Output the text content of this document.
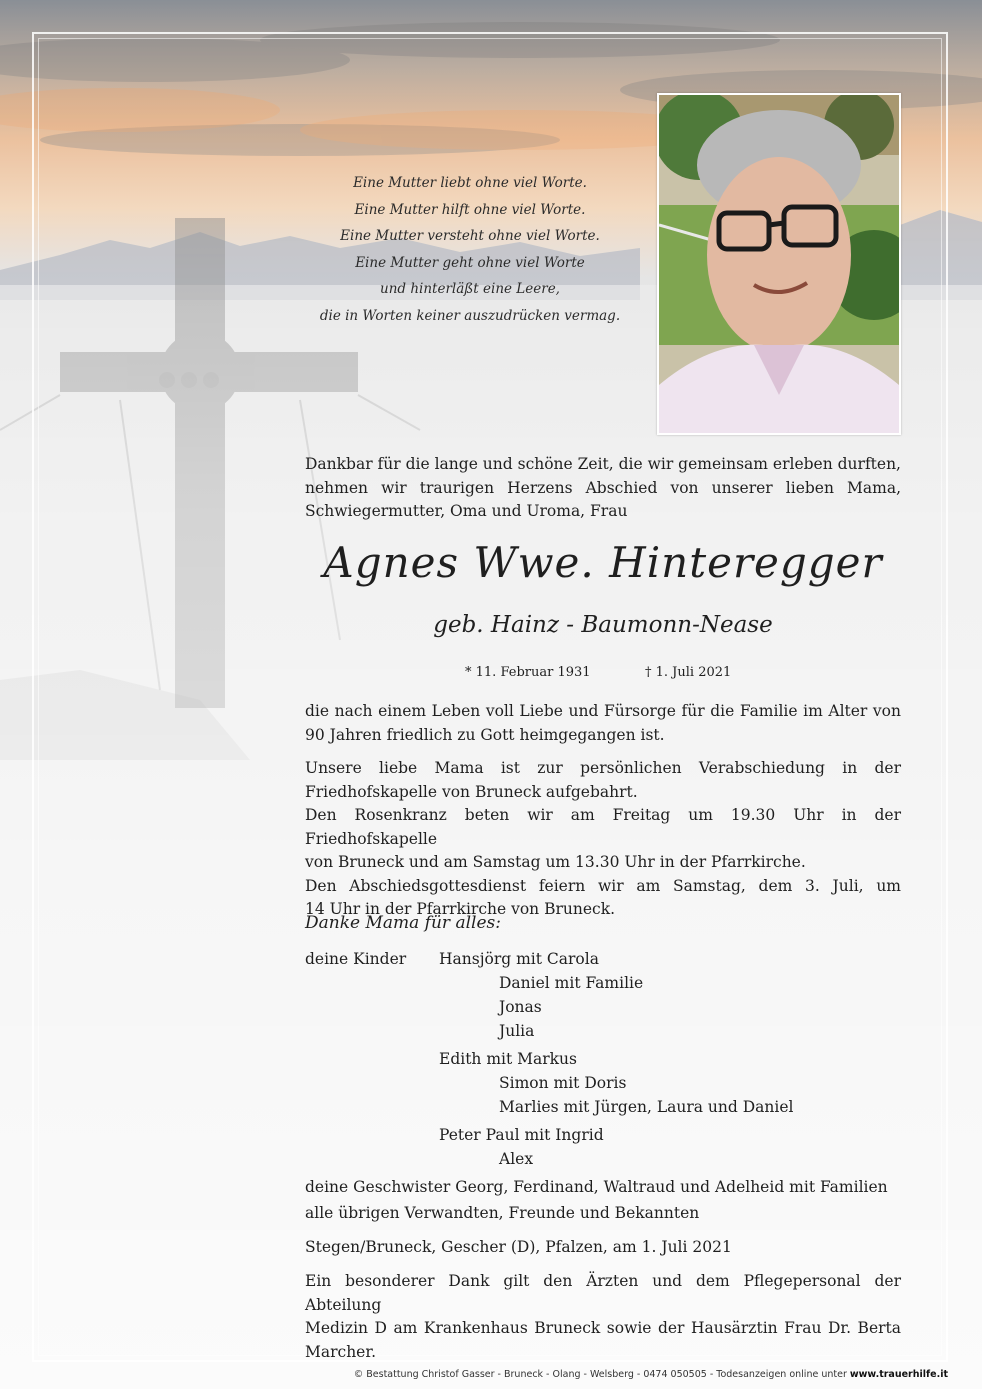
Eine Mutter liebt ohne viel Worte.
Eine Mutter hilft ohne viel Worte.
Eine Mutter versteht ohne viel Worte.
Eine Mutter geht ohne viel Worte
und hinterläßt eine Leere,
die in Worten keiner auszudrücken vermag.
Dankbar für die lange und schöne Zeit, die wir gemeinsam erleben durften,
nehmen wir traurigen Herzens Abschied von unserer lieben Mama,
Schwiegermutter, Oma und Uroma, Frau
Agnes Wwe. Hinteregger
geb. Hainz - Baumonn-Nease
* 11. Februar 1931	† 1. Juli 2021
die nach einem Leben voll Liebe und Fürsorge für die Familie im Alter von
90 Jahren friedlich zu Gott heimgegangen ist.
Unsere liebe Mama ist zur persönlichen Verabschiedung in der
Friedhofskapelle von Bruneck aufgebahrt.
Den Rosenkranz beten wir am Freitag um 19.30 Uhr in der Friedhofskapelle
von Bruneck und am Samstag um 13.30 Uhr in der Pfarrkirche.
Den Abschiedsgottesdienst feiern wir am Samstag, dem 3. Juli, um
14 Uhr in der Pfarrkirche von Bruneck.
Danke Mama für alles:
deine Kinder Hansjörg mit Carola
Daniel mit Familie
Jonas
Julia
Edith mit Markus
Simon mit Doris
Marlies mit Jürgen, Laura und Daniel
Peter Paul mit Ingrid
Alex
deine Geschwister Georg, Ferdinand, Waltraud und Adelheid mit Familien
alle übrigen Verwandten, Freunde und Bekannten
Stegen/Bruneck, Gescher (D), Pfalzen, am 1. Juli 2021
Ein besonderer Dank gilt den Ärzten und dem Pflegepersonal der Abteilung
Medizin D am Krankenhaus Bruneck sowie der Hausärztin Frau Dr. Berta
Marcher.
© Bestattung Christof Gasser - Bruneck - Olang - Welsberg - 0474 050505 - Todesanzeigen online unter www.trauerhilfe.it
